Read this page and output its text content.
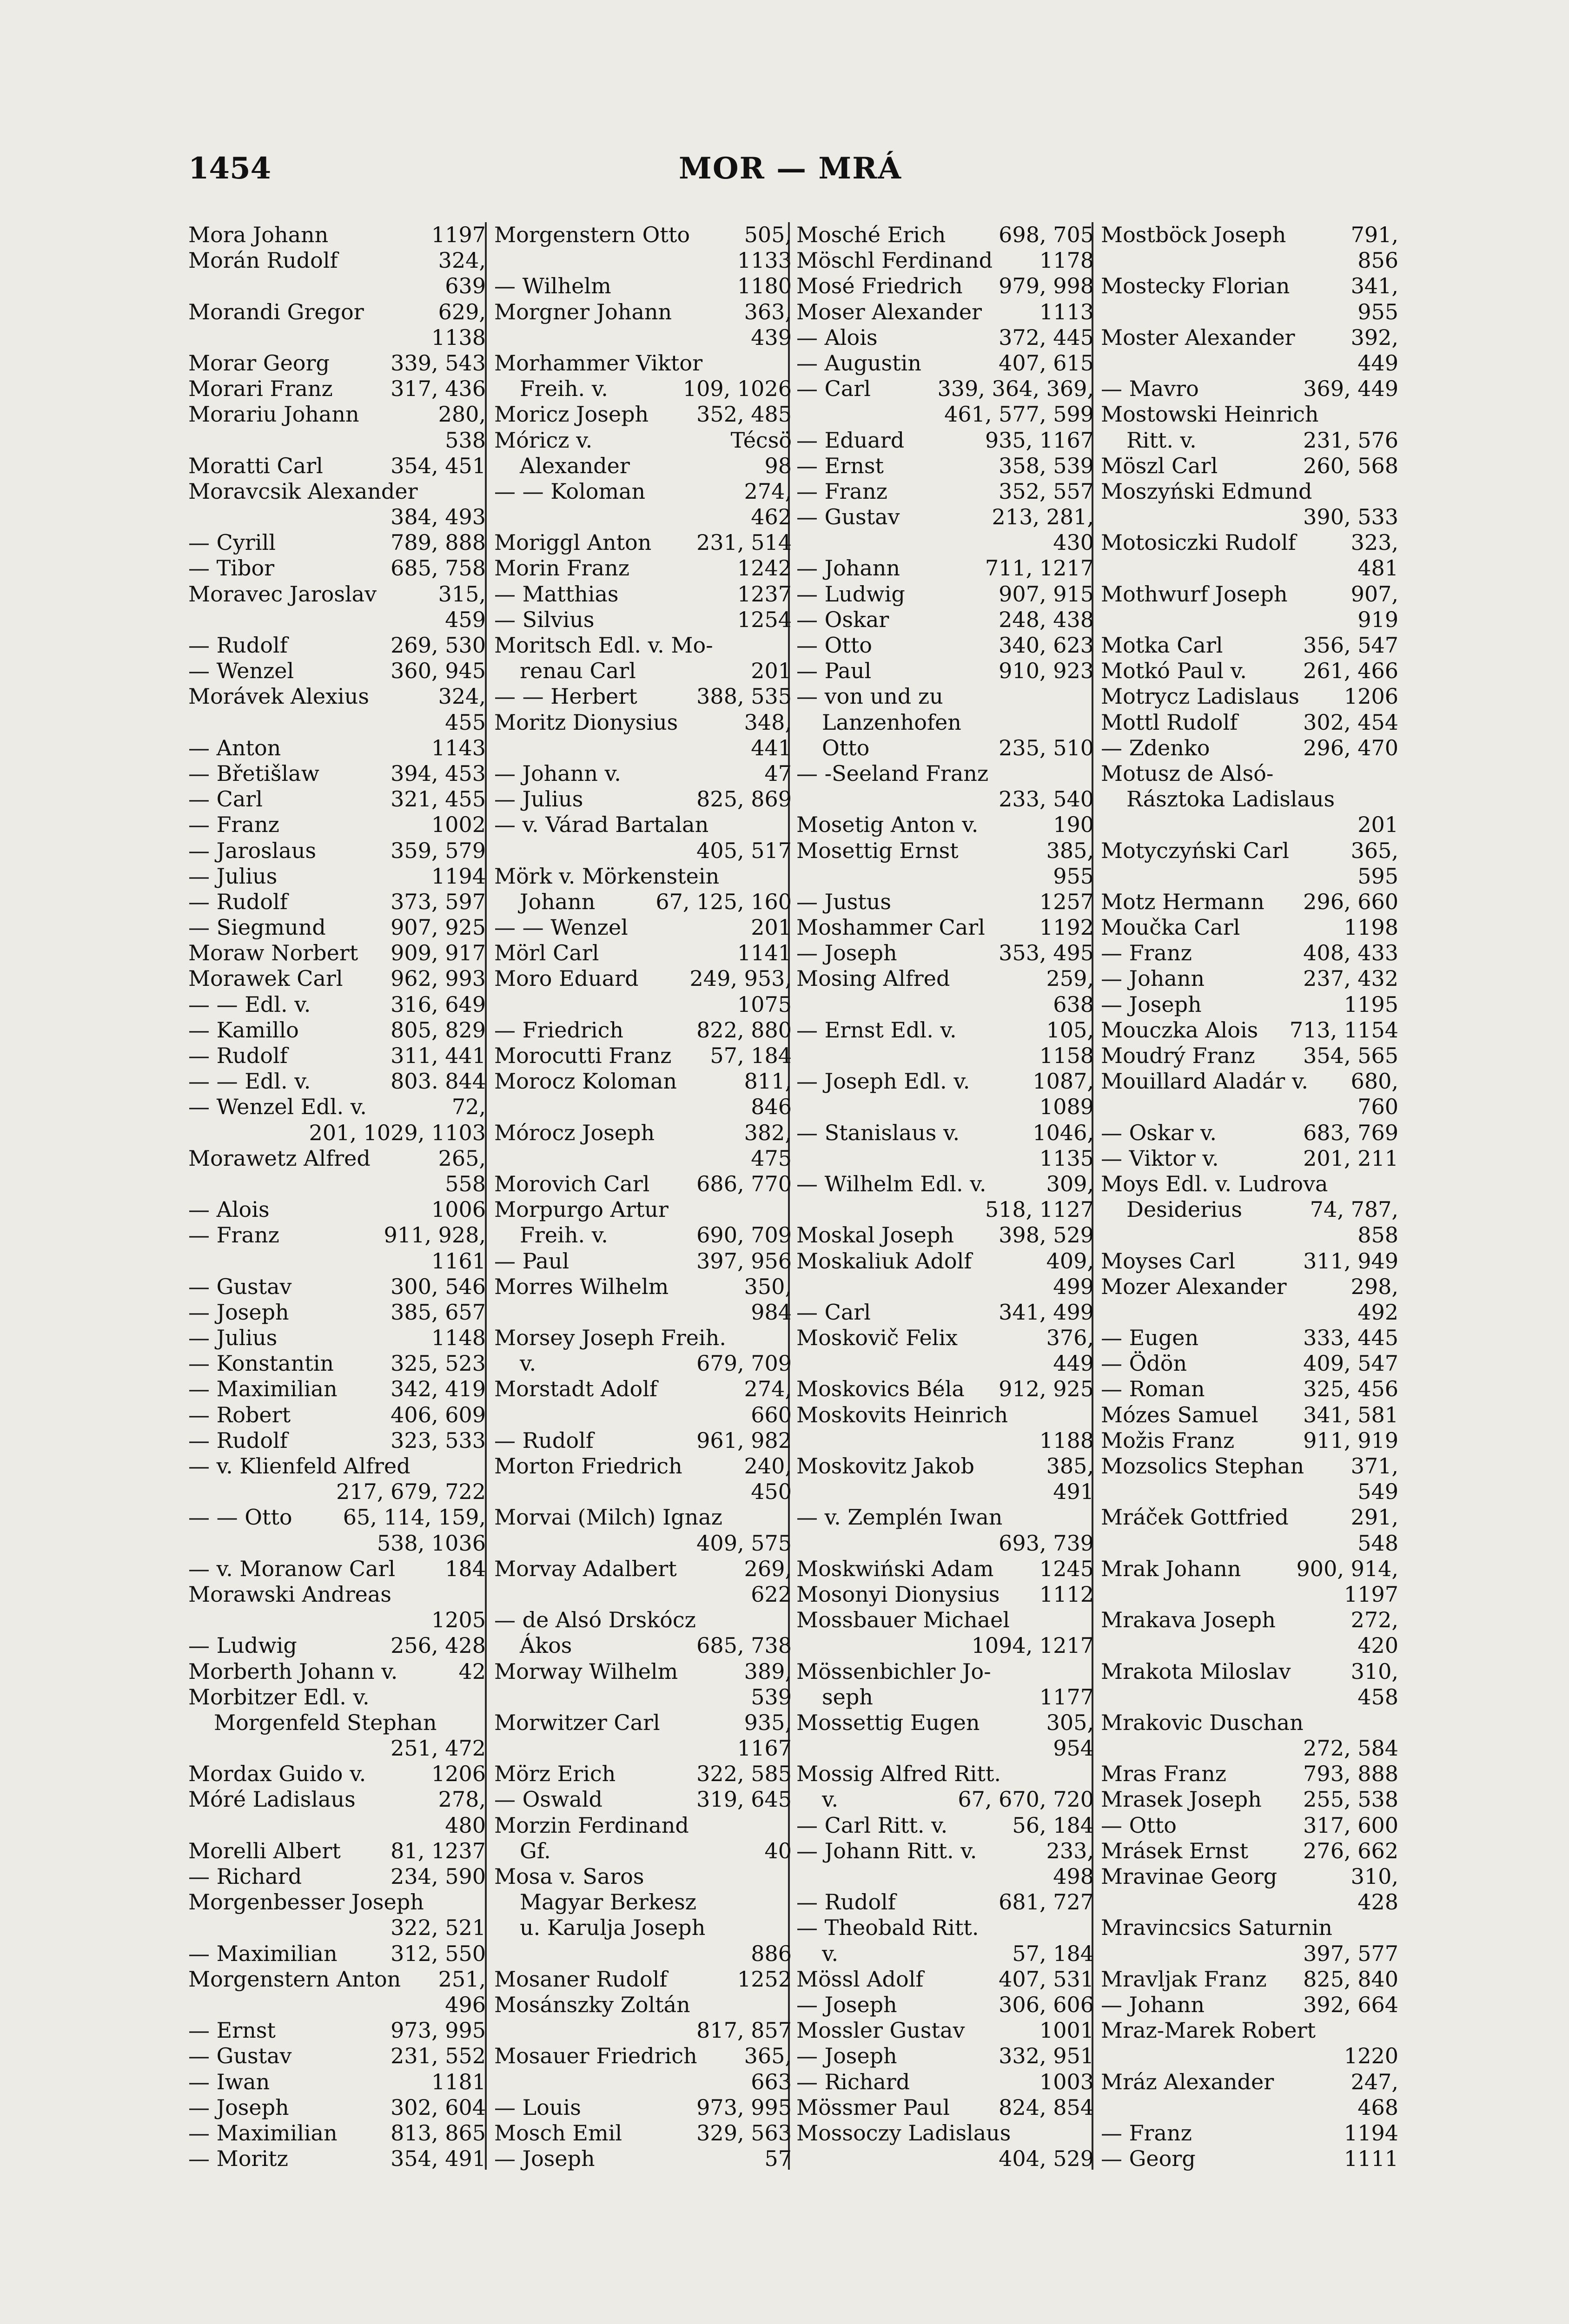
1454	MOR — MRÁ
Mora Johann	1197
Morán Rudolf	324,
639
Morandi Gregor	629,
1138
Morar Georg	339, 543
Morari Franz	317, 436
Morariu Johann	280,
538
Moratti Carl	354, 451
Moravcsik Alexander
384, 493
— Cyrill	789, 888
— Tibor	685, 758
Moravec Jaroslav	315,
459
— Rudolf	269, 530
— Wenzel	360, 945
Morávek Alexius	324,
455
— Anton	1143
— Břetišlaw	394, 453
— Carl	321, 455
— Franz	1002
— Jaroslaus	359, 579
— Julius	1194
— Rudolf	373, 597
— Siegmund	907, 925
Moraw Norbert 909, 917
Morawek Carl 962, 993
— — Edl. v.	316, 649
— Kamillo	805, 829
— Rudolf	311, 441
— — Edl. v.	803. 844
— Wenzel Edl. v.	72,
201, 1029, 1103
Morawetz Alfred	265,
558
— Alois	1006
— Franz	911, 928,
1161
— Gustav	300, 546
— Joseph	385, 657
— Julius	1148
— Konstantin	325, 523
— Maximilian 342, 419
— Robert	406, 609
— Rudolf	323, 533
— v. Klienfeld Alfred
217, 679, 722
— — Otto 65, 114, 159,
538, 1036
— v. Moranow Carl 184
Morawski Andreas
1205
— Ludwig	256, 428
Morberth Johann v.	42
Morbitzer Edl. v.
Morgenfeld Stephan
251, 472
Mordax Guido v.	1206
Móré Ladislaus	278,
480
Morelli Albert 81, 1237
— Richard	234, 590
Morgenbesser Joseph
322, 521
— Maximilian 312, 550
Morgenstern Anton 251,
496
— Ernst	973, 995
— Gustav	231, 552
— Iwan	1181
— Joseph	302, 604
— Maximilian 813, 865
— Moritz	354, 491
Morgenstern Otto	505,
1133
— Wilhelm	1180
Morgner Johann	363,
439
Morhammer Viktor
Freih. v.	109, 1026
Moricz Joseph 352, 485
Móricz v.	Técsö
Alexander	98
— — Koloman	274,
462
Moriggl Anton 231, 514
Morin Franz	1242
— Matthias	1237
— Silvius	1254
Moritsch Edl. v. Mo-
renau Carl	201
— — Herbert	388, 535
Moritz Dionysius	348,
441
— Johann v.	47
— Julius	825, 869
— v. Várad Bartalan
405, 517
Mörk v. Mörkenstein
Johann	67, 125, 160
— — Wenzel	201
Mörl Carl	1141
Moro Eduard 249, 953,
1075
— Friedrich	822, 880
Morocutti Franz 57, 184
Morocz Koloman	811,
846
Mórocz Joseph	382,
475
Morovich Carl 686, 770
Morpurgo Artur
Freih. v.	690, 709
— Paul	397, 956
Morres Wilhelm	350,
984
Morsey Joseph Freih.
v.	679, 709
Morstadt Adolf	274,
660
— Rudolf	961, 982
Morton Friedrich	240,
450
Morvai (Milch) Ignaz
409, 575
Morvay Adalbert	269,
622
— de Alsó Drskócz
Ákos	685, 738
Morway Wilhelm	389,
539
Morwitzer Carl	935,
1167
Mörz Erich	322, 585
— Oswald	319, 645
Morzin Ferdinand
Gf.	40
Mosa v. Saros
Magyar Berkesz
u. Karulja Joseph
886
Mosaner Rudolf	1252
Mosánszky Zoltán
817, 857
Mosauer Friedrich 365,
663
— Louis	973, 995
Mosch Emil	329, 563
— Joseph	57
Mosché Erich 698, 705
Möschl Ferdinand 1178
Mosé Friedrich 979, 998
Moser Alexander	1113
— Alois	372, 445
— Augustin	407, 615
— Carl	339, 364, 369,
461, 577, 599
— Eduard	935, 1167
— Ernst	358, 539
— Franz	352, 557
— Gustav	213, 281,
430
— Johann	711, 1217
— Ludwig	907, 915
— Oskar	248, 438
— Otto	340, 623
— Paul	910, 923
— von und zu
Lanzenhofen
Otto	235, 510
— -Seeland Franz
233, 540
Mosetig Anton v.	190
Mosettig Ernst	385,
955
— Justus	1257
Moshammer Carl	1192
— Joseph	353, 495
Mosing Alfred	259,
638
— Ernst Edl. v.	105,
1158
— Joseph Edl. v.	1087,
1089
— Stanislaus v.	1046,
1135
— Wilhelm Edl. v.	309,
518, 1127
Moskal Joseph 398, 529
Moskaliuk Adolf	409,
499
— Carl	341, 499
Moskovič Felix	376,
449
Moskovics Béla 912, 925
Moskovits Heinrich
1188
Moskovitz Jakob	385,
491
— v. Zemplén Iwan
693, 739
Moskwiński Adam 1245
Mosonyi Dionysius 1112
Mossbauer Michael
1094, 1217
Mössenbichler Jo-
seph	1177
Mossettig Eugen	305,
954
Mossig Alfred Ritt.
v.	67, 670, 720
— Carl Ritt. v.	56, 184
— Johann Ritt. v.	233,
498
— Rudolf	681, 727
— Theobald Ritt.
v.	57, 184
Mössl Adolf	407, 531
— Joseph	306, 606
Mossler Gustav	1001
— Joseph	332, 951
— Richard	1003
Mössmer Paul 824, 854
Mossoczy Ladislaus
404, 529
Mostböck Joseph	791,
856
Mostecky Florian	341,
955
Moster Alexander	392,
449
— Mavro	369, 449
Mostowski Heinrich
Ritt. v.	231, 576
Möszl Carl	260, 568
Moszyński Edmund
390, 533
Motosiczki Rudolf	323,
481
Mothwurf Joseph	907,
919
Motka Carl	356, 547
Motkó Paul v.	261, 466
Motrycz Ladislaus 1206
Mottl Rudolf	302, 454
— Zdenko	296, 470
Motusz de Alsó-
Rásztoka Ladislaus
201
Motyczyński Carl	365,
595
Motz Hermann 296, 660
Moučka Carl	1198
— Franz	408, 433
— Johann	237, 432
— Joseph	1195
Mouczka Alois 713, 1154
Moudrý Franz 354, 565
Mouillard Aladár v. 680,
760
— Oskar v.	683, 769
— Viktor v.	201, 211
Moys Edl. v. Ludrova
Desiderius	74, 787,
858
Moyses Carl	311, 949
Mozer Alexander	298,
492
— Eugen	333, 445
— Ödön	409, 547
— Roman	325, 456
Mózes Samuel 341, 581
Možis Franz	911, 919
Mozsolics Stephan 371,
549
Mráček Gottfried	291,
548
Mrak Johann	900, 914,
1197
Mrakava Joseph	272,
420
Mrakota Miloslav	310,
458
Mrakovic Duschan
272, 584
Mras Franz	793, 888
Mrasek Joseph 255, 538
— Otto	317, 600
Mrásek Ernst	276, 662
Mravinae Georg	310,
428
Mravincsics Saturnin
397, 577
Mravljak Franz 825, 840
— Johann	392, 664
Mraz-Marek Robert
1220
Mráz Alexander	247,
468
— Franz	1194
— Georg	1111
